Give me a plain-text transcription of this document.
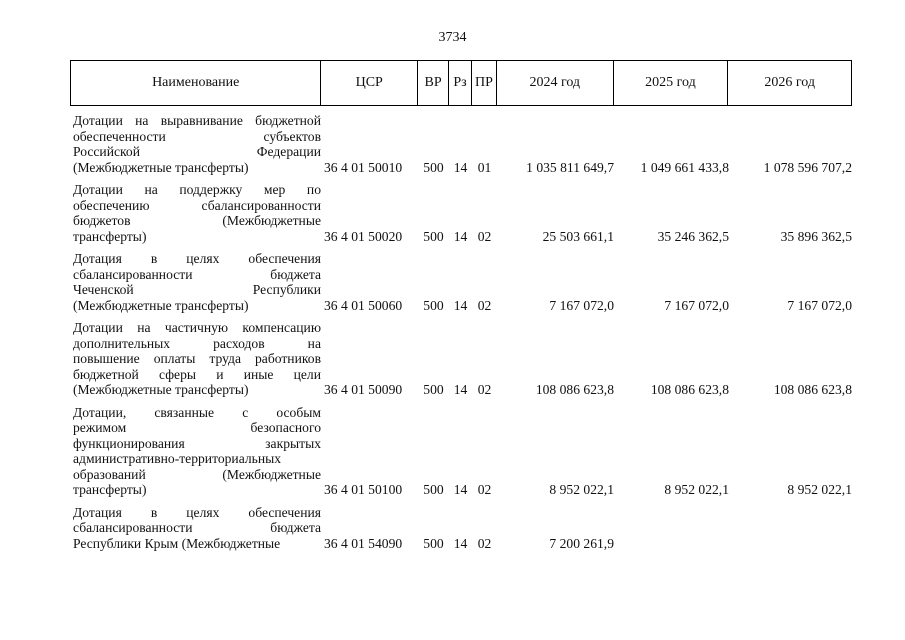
3734
Наименование	ЦСР	ВР Рз ПР	2024 год	2025 год	2026 год
Дотации на выравнивание бюджетной
обеспеченности субъектов
Российской Федерации
(Межбюджетные трансферты)	36 4 01 50010	500 14 01	1 035 811 649,7	1 049 661 433,8	1 078 596 707,2
Дотации на поддержку мер по
обеспечению сбалансированности
бюджетов (Межбюджетные
трансферты)	36 4 01 50020	500 14 02	25 503 661,1	35 246 362,5	35 896 362,5
Дотация в целях обеспечения
сбалансированности бюджета
Чеченской Республики
(Межбюджетные трансферты)	36 4 01 50060	500 14 02	7 167 072,0	7 167 072,0	7 167 072,0
Дотации на частичную компенсацию
дополнительных расходов на
повышение оплаты труда работников
бюджетной сферы и иные цели
(Межбюджетные трансферты)	36 4 01 50090	500 14 02	108 086 623,8	108 086 623,8	108 086 623,8
Дотации, связанные с особым
режимом безопасного
функционирования закрытых
административно-территориальных
образований (Межбюджетные
трансферты)	36 4 01 50100	500 14 02	8 952 022,1	8 952 022,1	8 952 022,1
Дотация в целях обеспечения
сбалансированности бюджета
Республики Крым (Межбюджетные	36 4 01 54090	500 14 02	7 200 261,9
